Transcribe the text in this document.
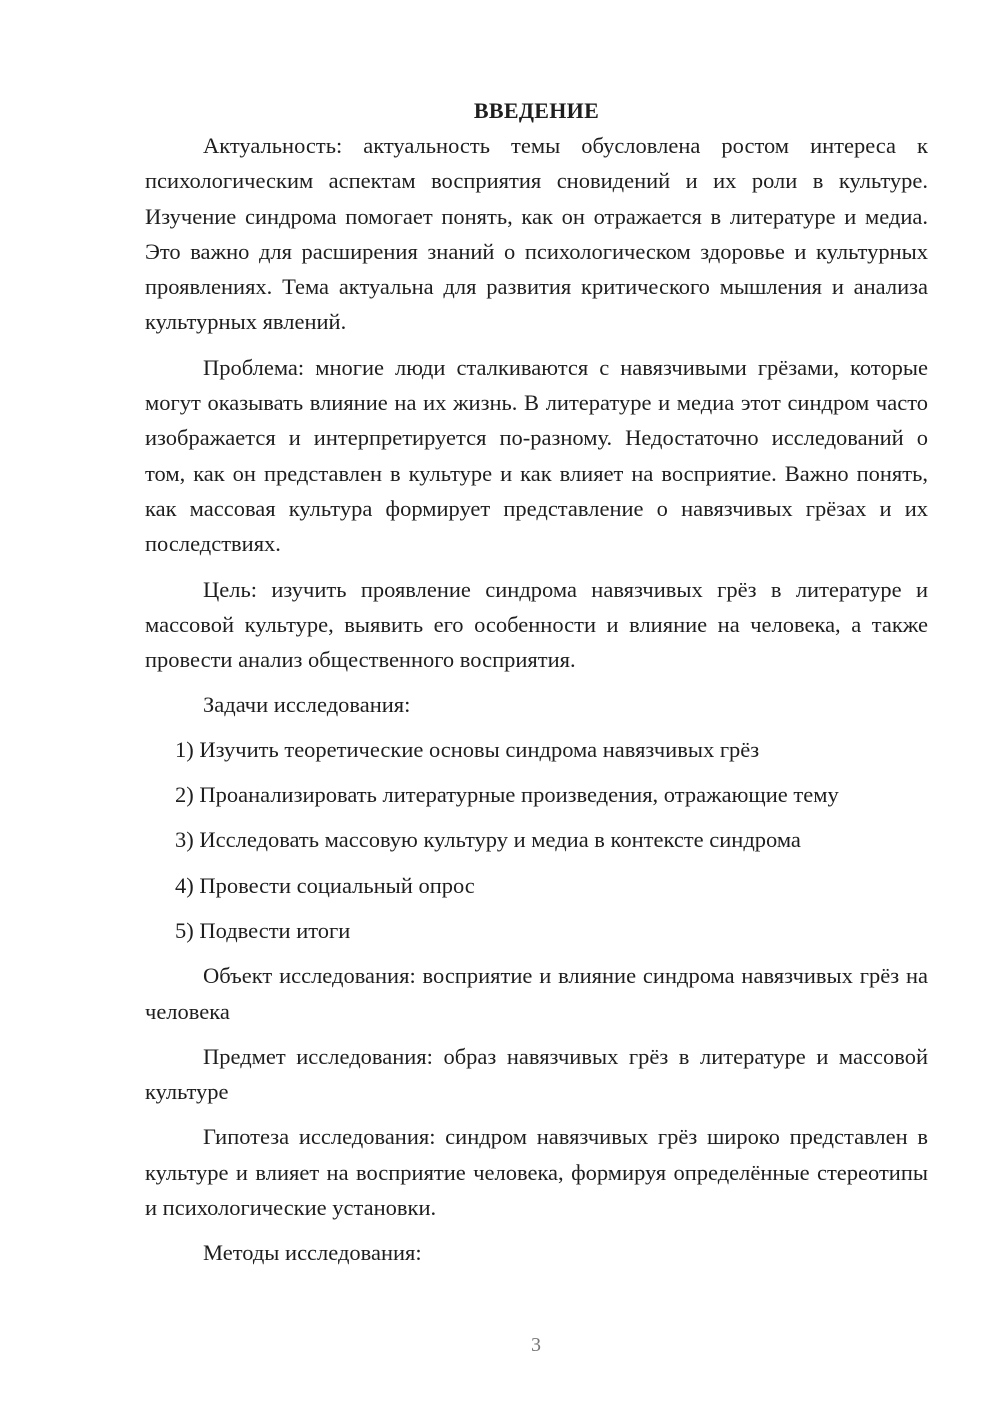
ВВЕДЕНИЕ

Актуальность: актуальность темы обусловлена ростом интереса к психологическим аспектам восприятия сновидений и их роли в культуре. Изучение синдрома помогает понять, как он отражается в литературе и медиа. Это важно для расширения знаний о психологическом здоровье и культурных проявлениях. Тема актуальна для развития критического мышления и анализа культурных явлений.

Проблема: многие люди сталкиваются с навязчивыми грёзами, которые могут оказывать влияние на их жизнь. В литературе и медиа этот синдром часто изображается и интерпретируется по-разному. Недостаточно исследований о том, как он представлен в культуре и как влияет на восприятие. Важно понять, как массовая культура формирует представление о навязчивых грёзах и их последствиях.

Цель: изучить проявление синдрома навязчивых грёз в литературе и массовой культуре, выявить его особенности и влияние на человека, а также провести анализ общественного восприятия.

Задачи исследования:

1) Изучить теоретические основы синдрома навязчивых грёз
2) Проанализировать литературные произведения, отражающие тему
3) Исследовать массовую культуру и медиа в контексте синдрома
4) Провести социальный опрос
5) Подвести итоги

Объект исследования: восприятие и влияние синдрома навязчивых грёз на человека

Предмет исследования: образ навязчивых грёз в литературе и массовой культуре

Гипотеза исследования: синдром навязчивых грёз широко представлен в культуре и влияет на восприятие человека, формируя определённые стереотипы и психологические установки.

Методы исследования:

3
